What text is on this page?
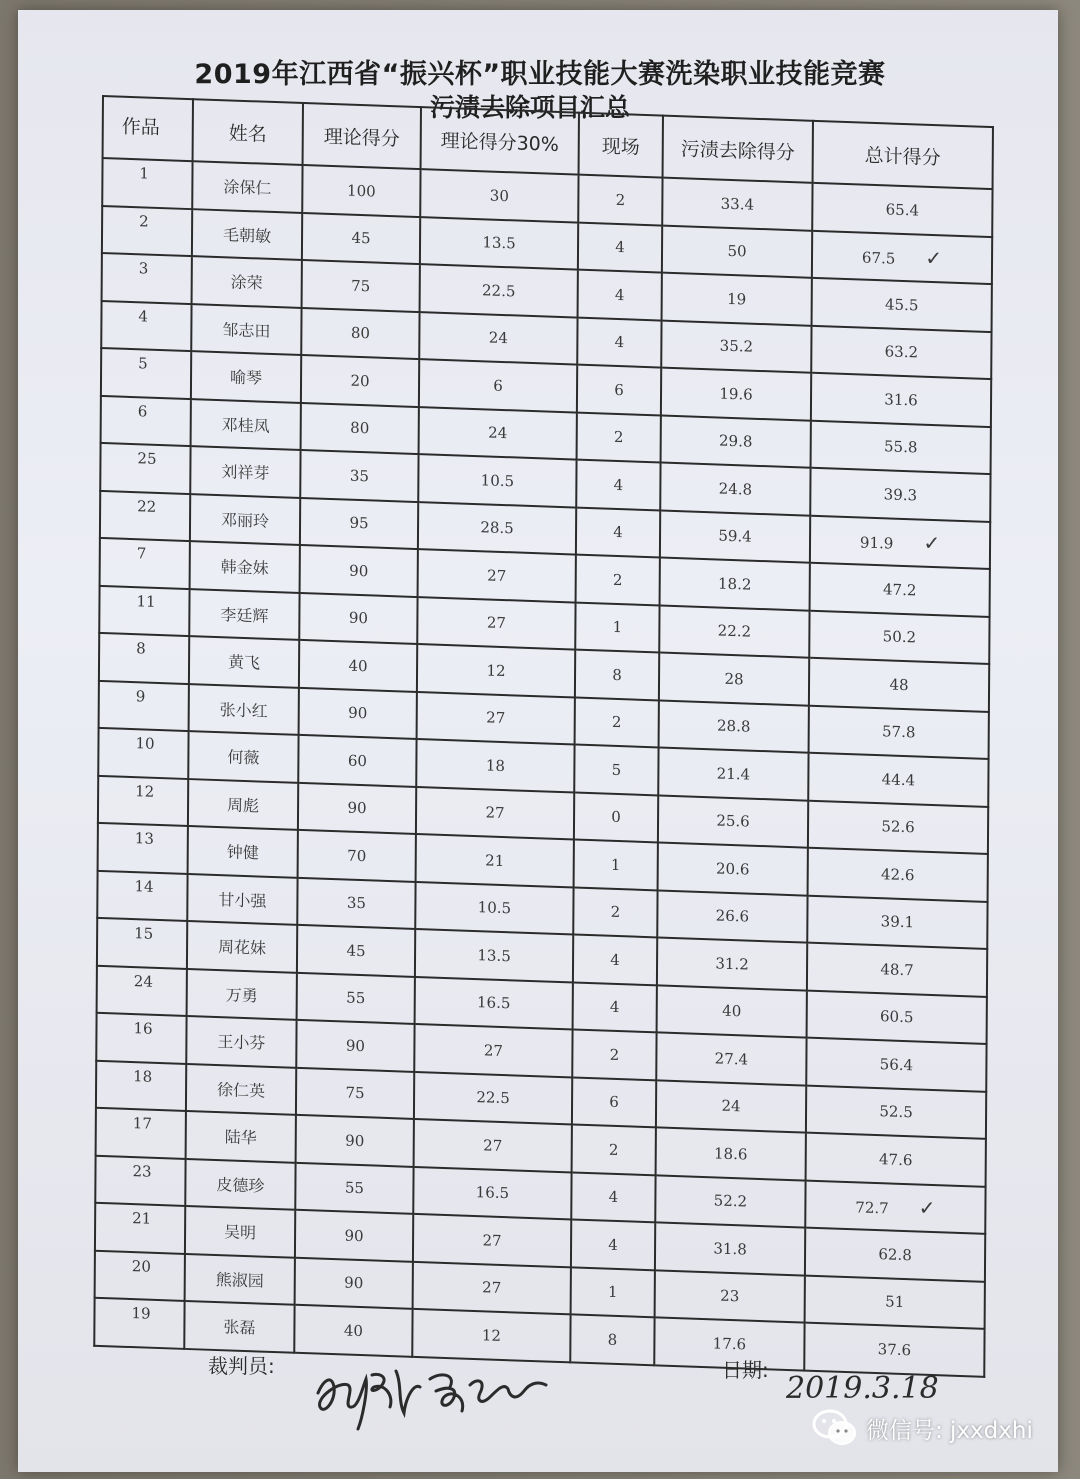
2019年江西省“振兴杯”职业技能大赛洗染职业技能竞赛
污渍去除项目汇总
作品	姓名	理论得分	理论得分30%	现场	污渍去除得分	总计得分
1	涂保仁	100	30	2	33.4	65.4
2	毛朝敏	45	13.5	4	50	67.5 ✓
3	涂荣	75	22.5	4	19	45.5
4	邹志田	80	24	4	35.2	63.2
5	喻琴	20	6	6	19.6	31.6
6	邓桂凤	80	24	2	29.8	55.8
25	刘祥芽	35	10.5	4	24.8	39.3
22	邓丽玲	95	28.5	4	59.4	91.9 ✓
7	韩金妹	90	27	2	18.2	47.2
11	李廷辉	90	27	1	22.2	50.2
8	黄飞	40	12	8	28	48
9	张小红	90	27	2	28.8	57.8
10	何薇	60	18	5	21.4	44.4
12	周彪	90	27	0	25.6	52.6
13	钟健	70	21	1	20.6	42.6
14	甘小强	35	10.5	2	26.6	39.1
15	周花妹	45	13.5	4	31.2	48.7
24	万勇	55	16.5	4	40	60.5
16	王小芬	90	27	2	27.4	56.4
18	徐仁英	75	22.5	6	24	52.5
17	陆华	90	27	2	18.6	47.6
23	皮德珍	55	16.5	4	52.2	72.7 ✓
21	吴明	90	27	4	31.8	62.8
20	熊淑园	90	27	1	23	51
19	张磊	40	12	8	17.6	37.6
裁判员:	日期:
2019.3.18
微信号: jxxdxhi
